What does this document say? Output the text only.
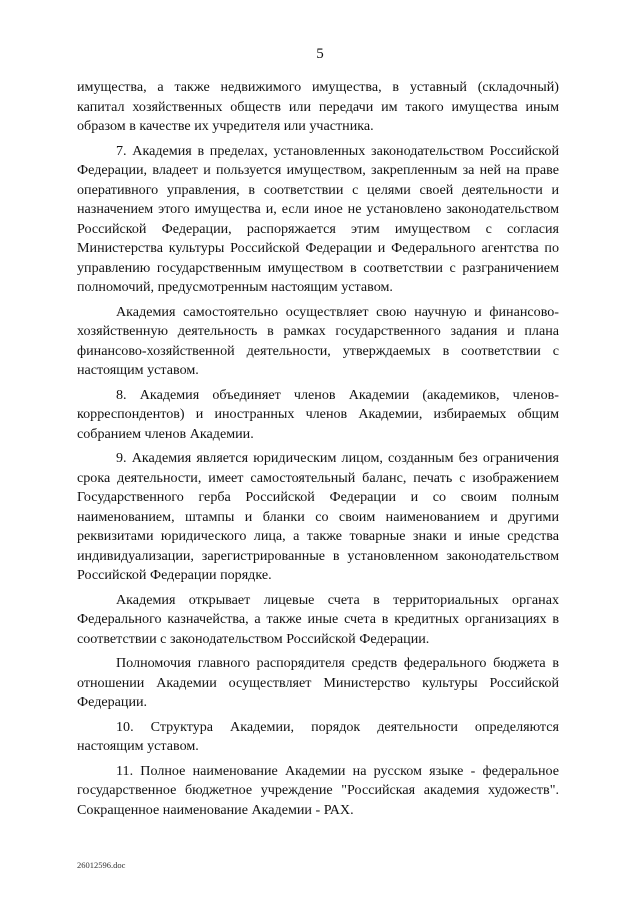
5

имущества, а также недвижимого имущества, в уставный (складочный) капитал хозяйственных обществ или передачи им такого имущества иным образом в качестве их учредителя или участника.

7. Академия в пределах, установленных законодательством Российской Федерации, владеет и пользуется имуществом, закрепленным за ней на праве оперативного управления, в соответствии с целями своей деятельности и назначением этого имущества и, если иное не установлено законодательством Российской Федерации, распоряжается этим имуществом с согласия Министерства культуры Российской Федерации и Федерального агентства по управлению государственным имуществом в соответствии с разграничением полномочий, предусмотренным настоящим уставом.

Академия самостоятельно осуществляет свою научную и финансово-хозяйственную деятельность в рамках государственного задания и плана финансово-хозяйственной деятельности, утверждаемых в соответствии с настоящим уставом.

8. Академия объединяет членов Академии (академиков, членов-корреспондентов) и иностранных членов Академии, избираемых общим собранием членов Академии.

9. Академия является юридическим лицом, созданным без ограничения срока деятельности, имеет самостоятельный баланс, печать с изображением Государственного герба Российской Федерации и со своим полным наименованием, штампы и бланки со своим наименованием и другими реквизитами юридического лица, а также товарные знаки и иные средства индивидуализации, зарегистрированные в установленном законодательством Российской Федерации порядке.

Академия открывает лицевые счета в территориальных органах Федерального казначейства, а также иные счета в кредитных организациях в соответствии с законодательством Российской Федерации.

Полномочия главного распорядителя средств федерального бюджета в отношении Академии осуществляет Министерство культуры Российской Федерации.

10. Структура Академии, порядок деятельности определяются настоящим уставом.

11. Полное наименование Академии на русском языке - федеральное государственное бюджетное учреждение "Российская академия художеств". Сокращенное наименование Академии - РАХ.

26012596.doc
